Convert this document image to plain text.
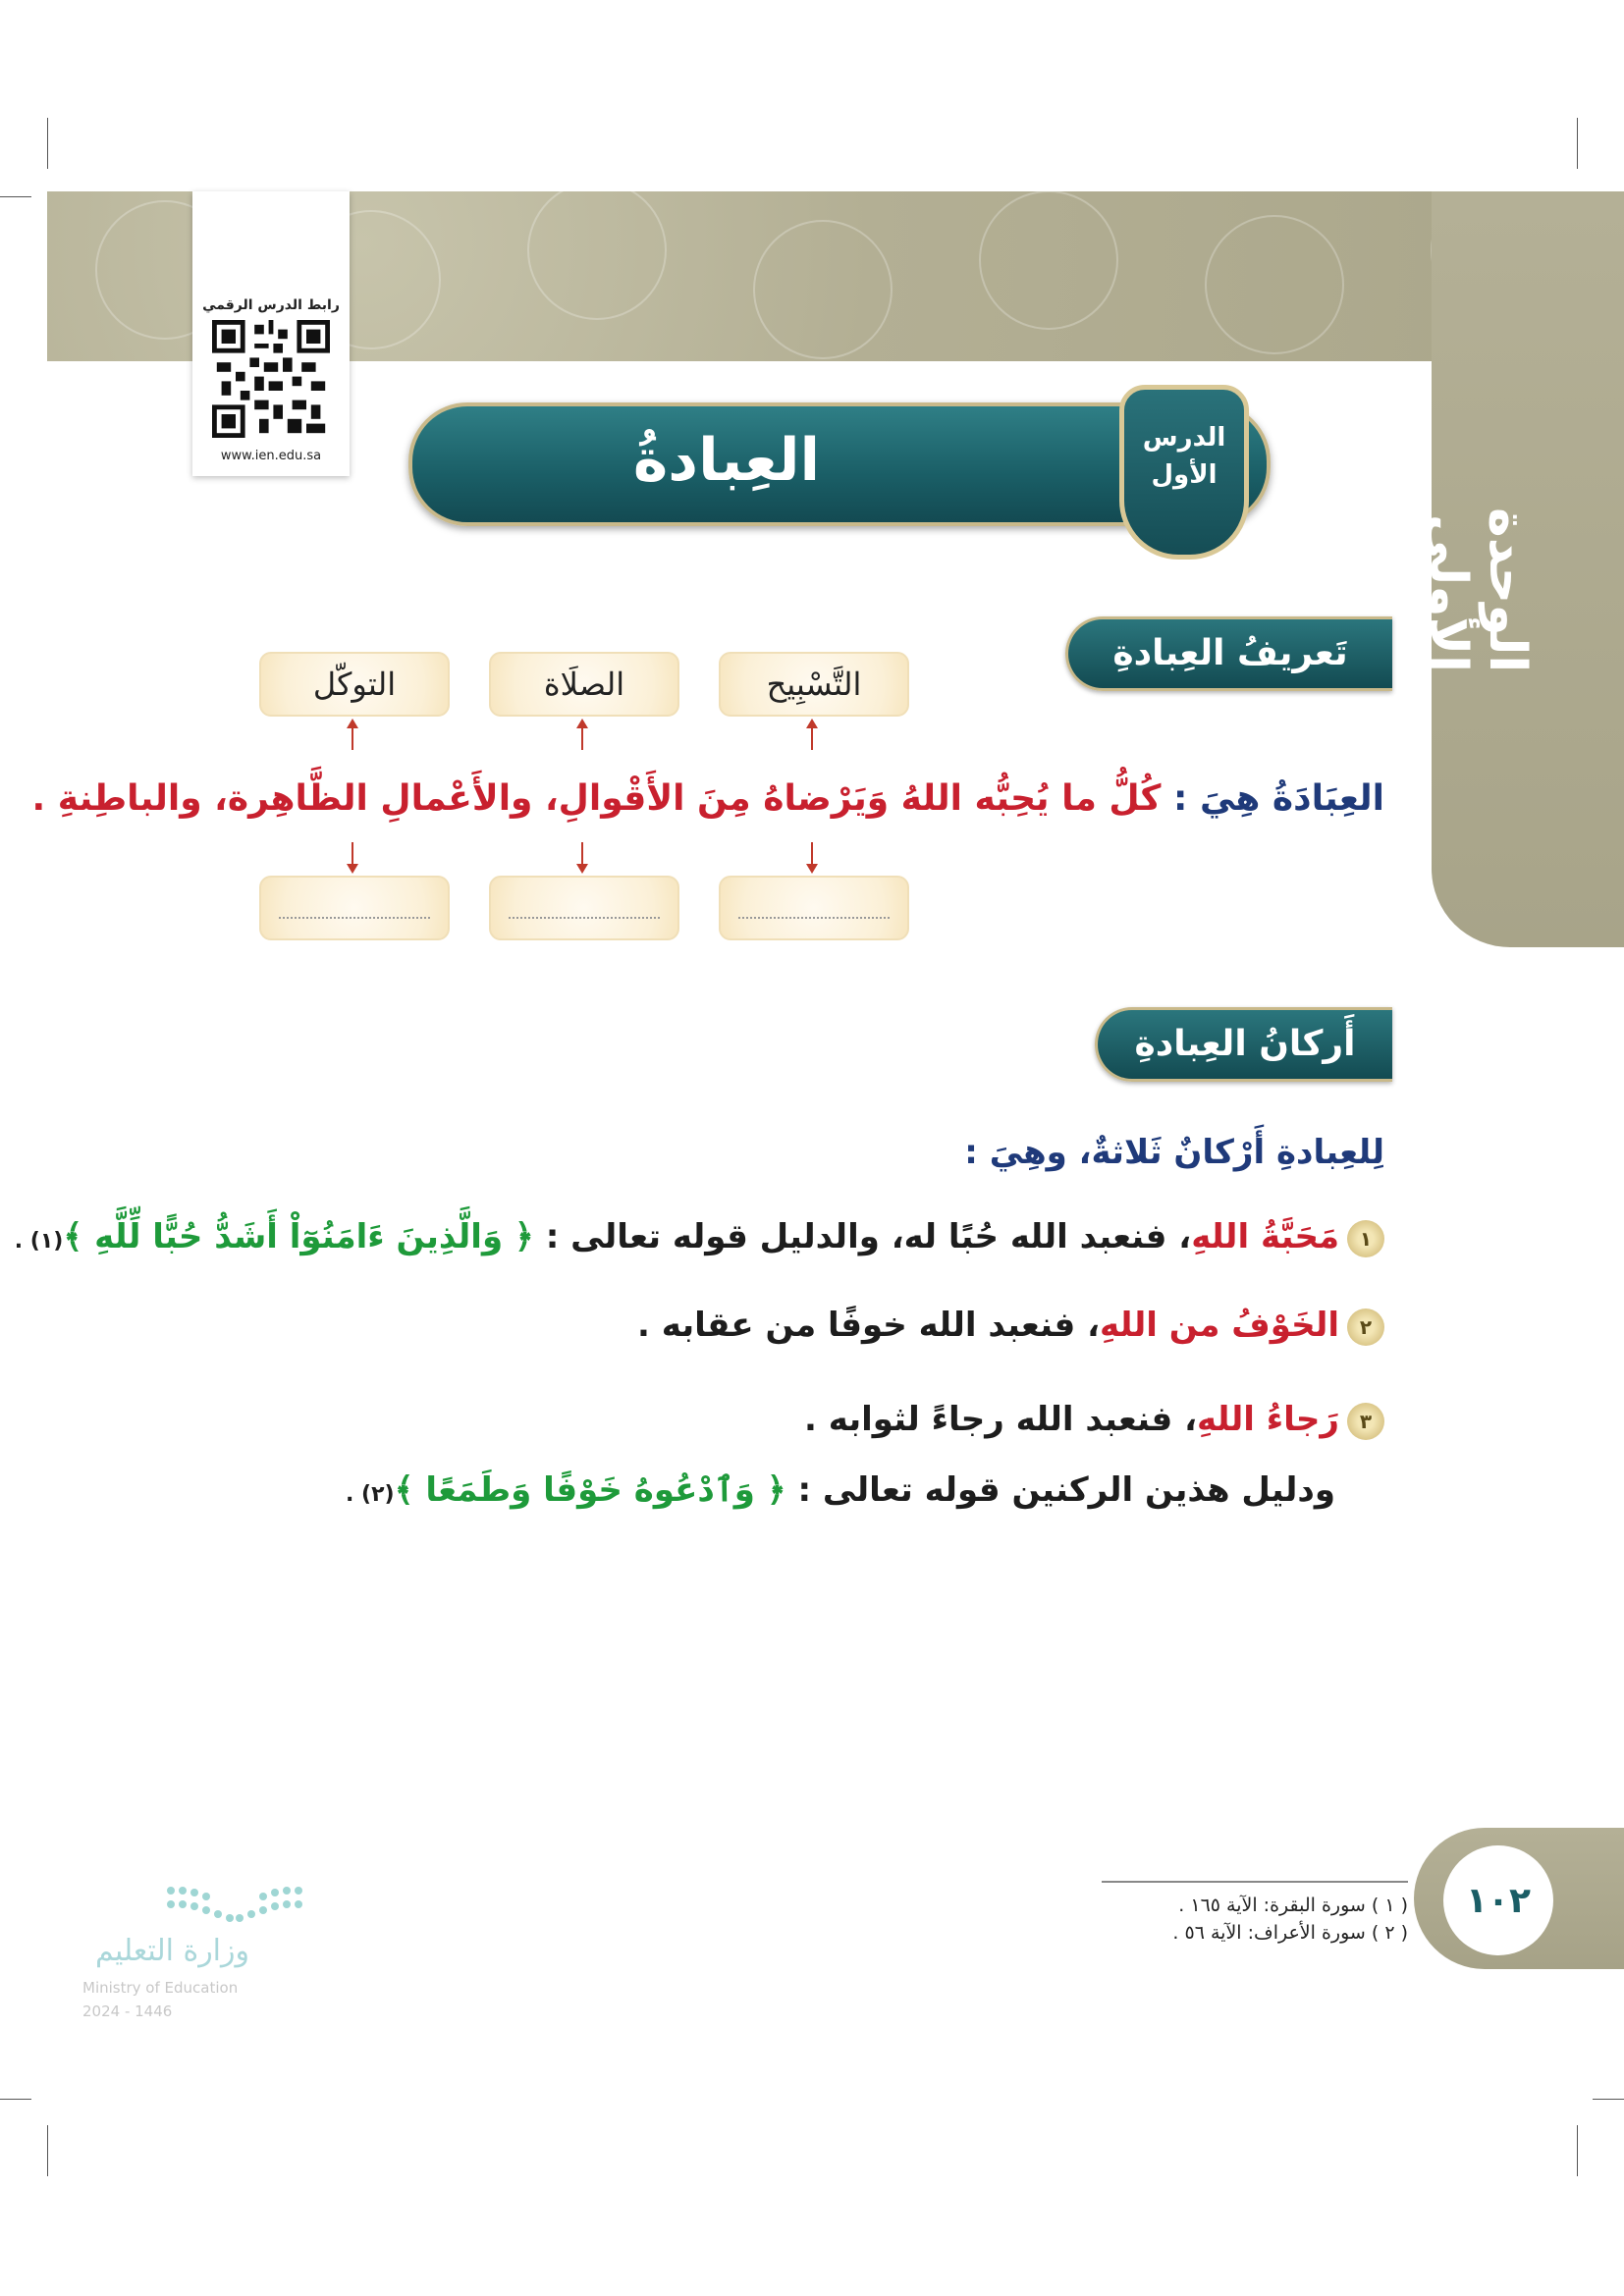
الوحدة الأولى
رابط الدرس الرقمي
www.ien.edu.sa	العِبادةُ	الدرس
الأول
تَعريفُ العِبادةِ
التَّسْبِيح
الصلَاة
التوكّل
العِبَادَةُ هِيَ : كُلُّ ما يُحِبُّه اللهُ وَيَرْضاهُ مِنَ الأَقْوالِ، والأَعْمالِ الظَّاهِرة، والباطِنةِ .
أَركانُ العِبادةِ
لِلعِبادةِ أَرْكانٌ ثَلاثةٌ، وهِيَ :
١مَحَبَّةُ اللهِ، فنعبد الله حُبًا له، والدليل قوله تعالى : ﴿ وَالَّذِينَ ءَامَنُوٓاْ أَشَدُّ حُبًّا لِّلَّهِ ﴾(١) .
٢الخَوْفُ من اللهِ، فنعبد الله خوفًا من عقابه .
٣رَجاءُ اللهِ، فنعبد الله رجاءً لثوابه .
ودليل هذين الركنين قوله تعالى : ﴿ وَٱدْعُوهُ خَوْفًا وَطَمَعًا ﴾(٢) .
( ١ ) سورة البقرة: الآية ١٦٥ .
( ٢ ) سورة الأعراف: الآية ٥٦ .
١٠٢
وزارة التعليم
Ministry of Education
2024 - 1446
